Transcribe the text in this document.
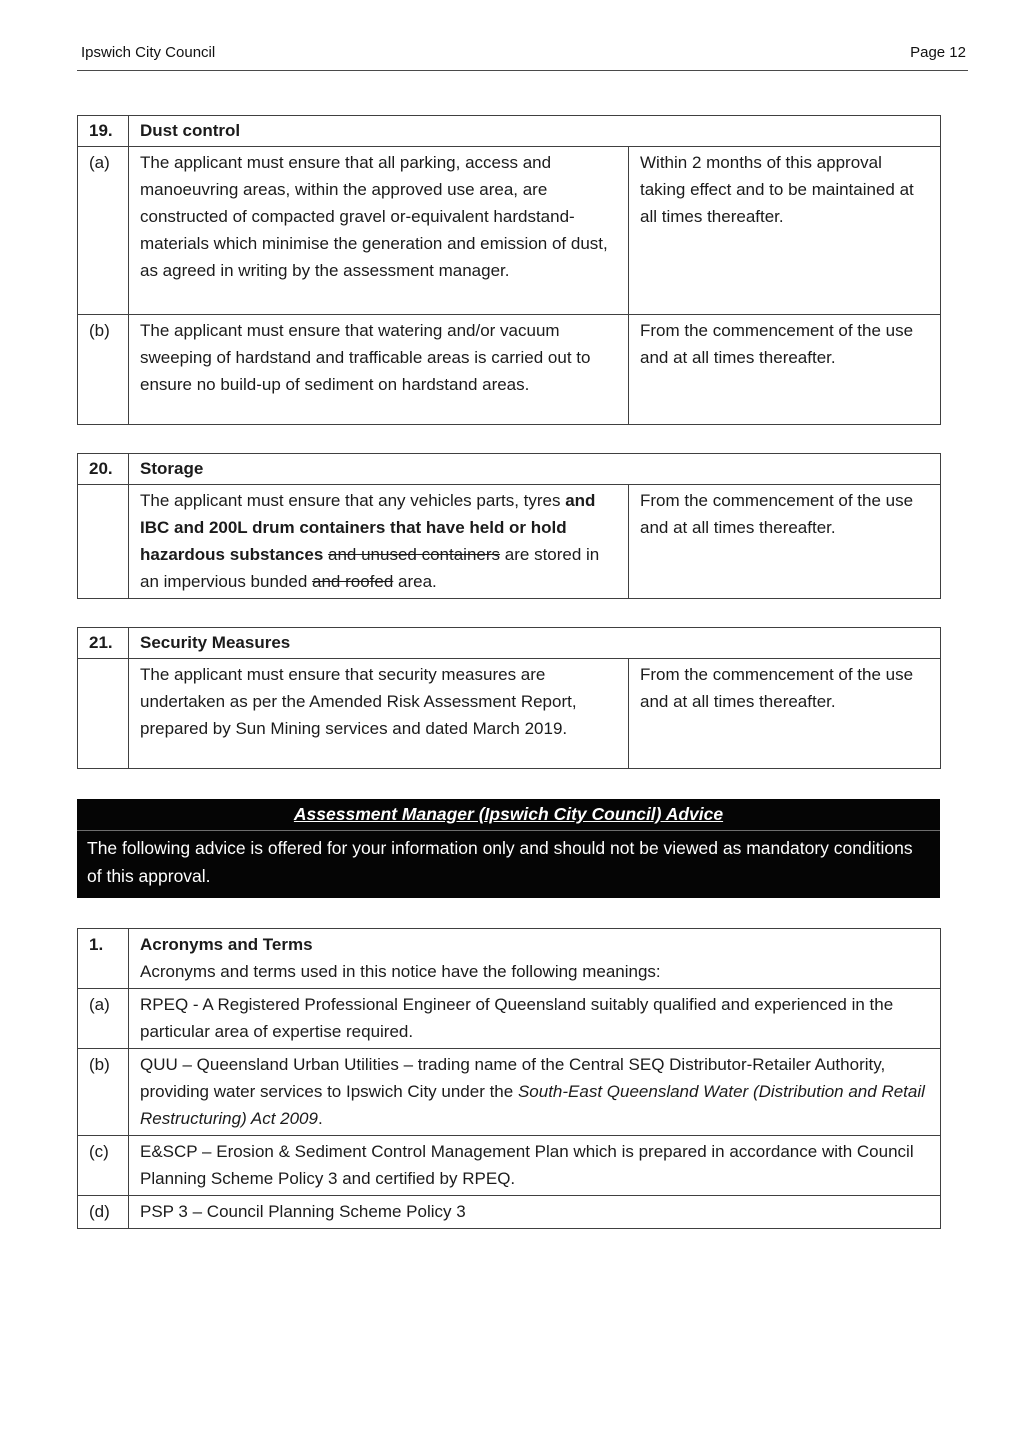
Ipswich City Council	Page 12
19.	Dust control	
(a)	The applicant must ensure that all parking, access and manoeuvring areas, within the approved use area, are constructed of compacted gravel or-equivalent hardstand-materials which minimise the generation and emission of dust, as agreed in writing by the assessment manager.	Within 2 months of this approval taking effect and to be maintained at all times thereafter.
(b)	The applicant must ensure that watering and/or vacuum sweeping of hardstand and trafficable areas is carried out to ensure no build-up of sediment on hardstand areas.	From the commencement of the use and at all times thereafter.
20.	Storage	
	The applicant must ensure that any vehicles parts, tyres and IBC and 200L drum containers that have held or hold hazardous substances and unused containers are stored in an impervious bunded and roofed area.	From the commencement of the use and at all times thereafter.
21.	Security Measures	
	The applicant must ensure that security measures are undertaken as per the Amended Risk Assessment Report, prepared by Sun Mining services and dated March 2019.	From the commencement of the use and at all times thereafter.
Assessment Manager (Ipswich City Council) Advice
The following advice is offered for your information only and should not be viewed as mandatory conditions of this approval.
1.	Acronyms and Terms
Acronyms and terms used in this notice have the following meanings:

(a)	RPEQ - A Registered Professional Engineer of Queensland suitably qualified and experienced in the particular area of expertise required.
(b)	QUU – Queensland Urban Utilities – trading name of the Central SEQ Distributor-Retailer Authority, providing water services to Ipswich City under the South-East Queensland Water (Distribution and Retail Restructuring) Act 2009.
(c)	E&SCP – Erosion & Sediment Control Management Plan which is prepared in accordance with Council Planning Scheme Policy 3 and certified by RPEQ.
(d)	PSP 3 – Council Planning Scheme Policy 3
